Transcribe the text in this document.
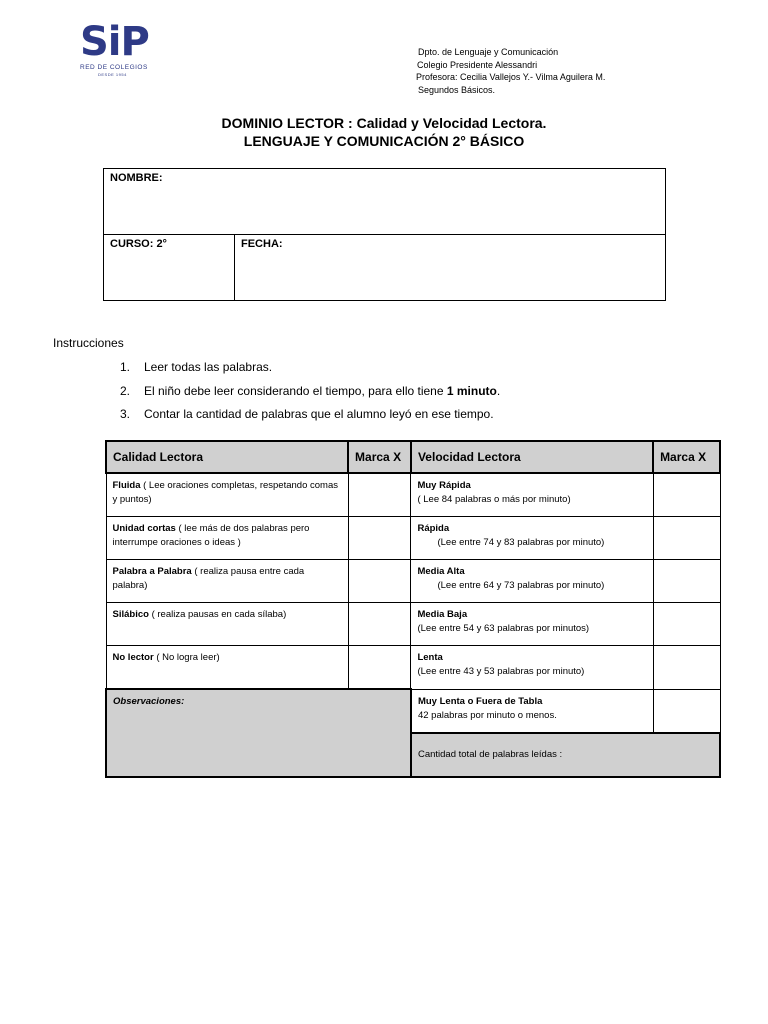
SiP
RED DE COLEGIOS
DESDE 1954
Dpto. de Lenguaje y Comunicación
Colegio Presidente Alessandri
Profesora: Cecilia Vallejos Y.- Vilma Aguilera M.
Segundos Básicos.
DOMINIO LECTOR : Calidad y Velocidad Lectora.
LENGUAJE Y COMUNICACIÓN 2° BÁSICO
NOMBRE:
CURSO: 2°	FECHA:
Instrucciones
1. Leer todas las palabras.
2. El niño debe leer considerando el tiempo, para ello tiene 1 minuto.
3. Contar la cantidad de palabras que el alumno leyó en ese tiempo.
Calidad Lectora	Marca X	Velocidad Lectora	Marca X
Fluida ( Lee oraciones completas, respetando comas y puntos)		Muy Rápida
( Lee 84 palabras o más por minuto)	
Unidad cortas ( lee más de dos palabras pero interrumpe oraciones o ideas )		Rápida
(Lee entre 74 y 83 palabras por minuto)	
Palabra a Palabra ( realiza pausa entre cada palabra)		Media Alta
(Lee entre 64 y 73 palabras por minuto)	
Silábico ( realiza pausas en cada sílaba)		Media Baja
(Lee entre 54 y 63 palabras por minutos)	
No lector ( No logra leer)		Lenta
(Lee entre 43 y 53 palabras por minuto)	
Observaciones:		Muy Lenta o Fuera de Tabla
42 palabras por minuto o menos.	
		Cantidad total de palabras leídas :	
